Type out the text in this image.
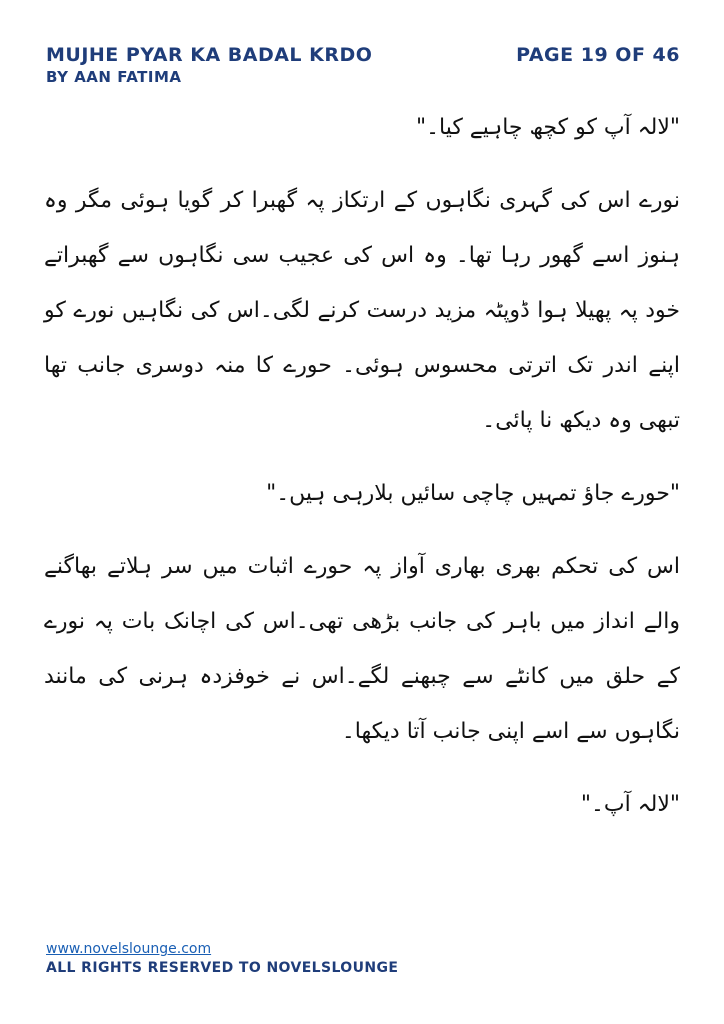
MUJHE PYAR KA BADAL KRDO
BY AAN FATIMA
PAGE 19 OF 46

"لالہ آپ کو کچھ چاہیے کیا۔"

نورے اس کی گہری نگاہوں کے ارتکاز پہ گھبرا کر گویا ہوئی مگر وہ ہنوز اسے گھور رہا تھا۔ وہ اس کی عجیب سی نگاہوں سے گھبراتے خود پہ پھیلا ہوا ڈوپٹہ مزید درست کرنے لگی۔اس کی نگاہیں نورے کو اپنے اندر تک اترتی محسوس ہوئی۔ حورے کا منہ دوسری جانب تھا تبھی وہ دیکھ نا پائی۔

"حورے جاؤ تمہیں چاچی سائیں بلارہی ہیں۔"

اس کی تحکم بھری بھاری آواز پہ حورے اثبات میں سر ہلاتے بھاگنے والے انداز میں باہر کی جانب بڑھی تھی۔اس کی اچانک بات پہ نورے کے حلق میں کانٹے سے چبھنے لگے۔اس نے خوفزدہ ہرنی کی مانند نگاہوں سے اسے اپنی جانب آتا دیکھا۔

"لالہ آپ۔"

www.novelslounge.com
ALL RIGHTS RESERVED TO NOVELSLOUNGE
